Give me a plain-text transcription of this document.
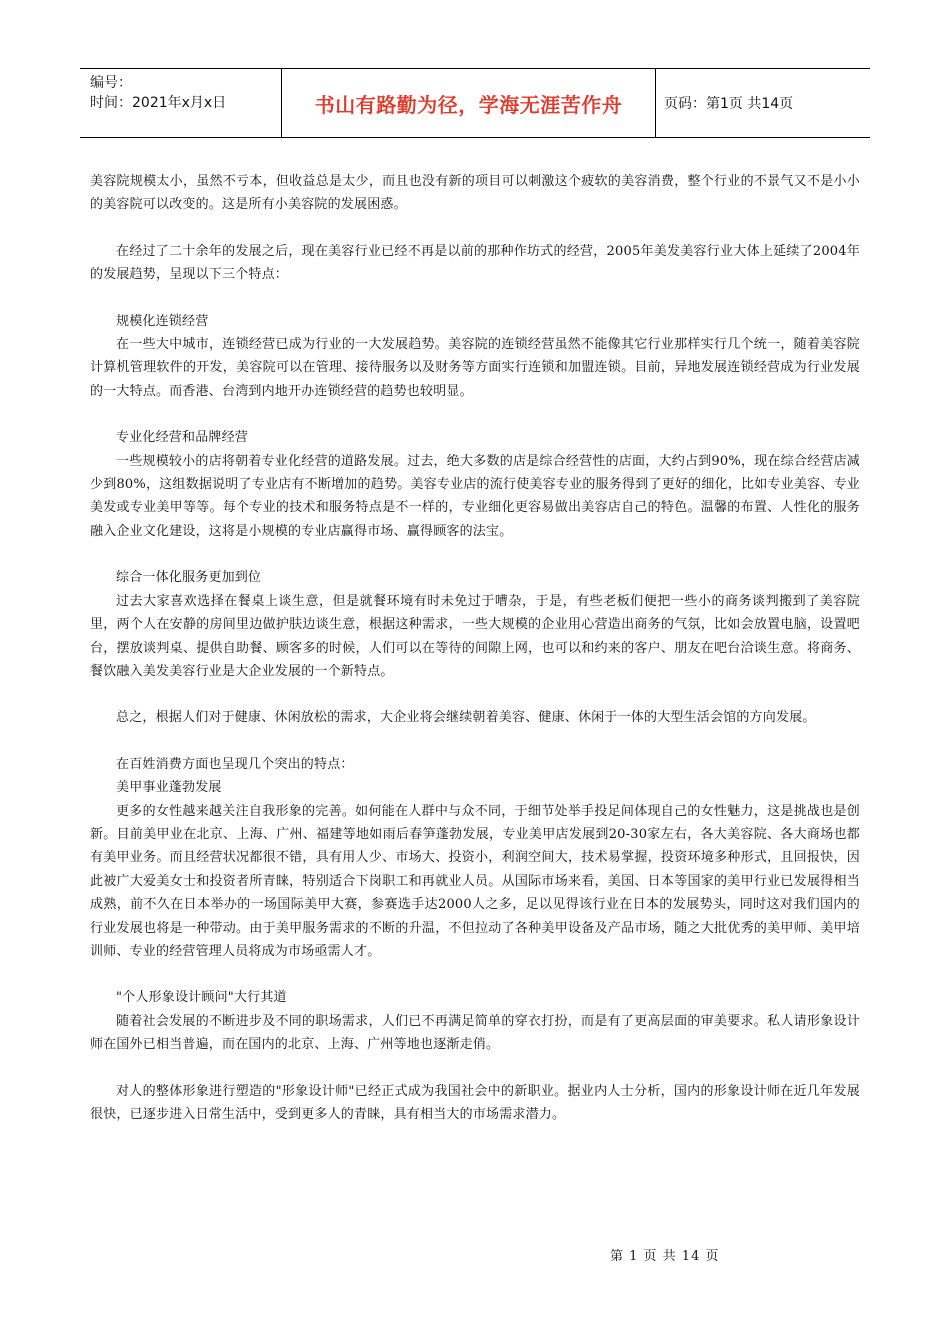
编号：
时间：2021年x月x日	书山有路勤为径，学海无涯苦作舟	页码：第1页 共14页

美容院规模太小，虽然不亏本，但收益总是太少，而且也没有新的项目可以刺激这个疲软的美容消费，整个行业的不景气又不是小小的美容院可以改变的。这是所有小美容院的发展困惑。

在经过了二十余年的发展之后，现在美容行业已经不再是以前的那种作坊式的经营，2005年美发美容行业大体上延续了2004年的发展趋势，呈现以下三个特点：

规模化连锁经营

在一些大中城市，连锁经营已成为行业的一大发展趋势。美容院的连锁经营虽然不能像其它行业那样实行几个统一，随着美容院计算机管理软件的开发，美容院可以在管理、接待服务以及财务等方面实行连锁和加盟连锁。目前，异地发展连锁经营成为行业发展的一大特点。而香港、台湾到内地开办连锁经营的趋势也较明显。

专业化经营和品牌经营

一些规模较小的店将朝着专业化经营的道路发展。过去，绝大多数的店是综合经营性的店面，大约占到90%，现在综合经营店减少到80%，这组数据说明了专业店有不断增加的趋势。美容专业店的流行使美容专业的服务得到了更好的细化，比如专业美容、专业美发或专业美甲等等。每个专业的技术和服务特点是不一样的，专业细化更容易做出美容店自己的特色。温馨的布置、人性化的服务融入企业文化建设，这将是小规模的专业店赢得市场、赢得顾客的法宝。

综合一体化服务更加到位

过去大家喜欢选择在餐桌上谈生意，但是就餐环境有时未免过于嘈杂，于是，有些老板们便把一些小的商务谈判搬到了美容院里，两个人在安静的房间里边做护肤边谈生意，根据这种需求，一些大规模的企业用心营造出商务的气氛，比如会放置电脑，设置吧台，摆放谈判桌、提供自助餐、顾客多的时候，人们可以在等待的间隙上网，也可以和约来的客户、朋友在吧台洽谈生意。将商务、餐饮融入美发美容行业是大企业发展的一个新特点。

总之，根据人们对于健康、休闲放松的需求，大企业将会继续朝着美容、健康、休闲于一体的大型生活会馆的方向发展。

在百姓消费方面也呈现几个突出的特点：

美甲事业蓬勃发展

更多的女性越来越关注自我形象的完善。如何能在人群中与众不同，于细节处举手投足间体现自己的女性魅力，这是挑战也是创新。目前美甲业在北京、上海、广州、福建等地如雨后春笋蓬勃发展，专业美甲店发展到20-30家左右，各大美容院、各大商场也都有美甲业务。而且经营状况都很不错，具有用人少、市场大、投资小，利润空间大，技术易掌握，投资环境多种形式，且回报快，因此被广大爱美女士和投资者所青睐，特别适合下岗职工和再就业人员。从国际市场来看，美国、日本等国家的美甲行业已发展得相当成熟，前不久在日本举办的一场国际美甲大赛，参赛选手达2000人之多，足以见得该行业在日本的发展势头，同时这对我们国内的行业发展也将是一种带动。由于美甲服务需求的不断的升温，不但拉动了各种美甲设备及产品市场，随之大批优秀的美甲师、美甲培训师、专业的经营管理人员将成为市场亟需人才。

"个人形象设计顾问"大行其道

随着社会发展的不断进步及不同的职场需求，人们已不再满足简单的穿衣打扮，而是有了更高层面的审美要求。私人请形象设计师在国外已相当普遍，而在国内的北京、上海、广州等地也逐渐走俏。

对人的整体形象进行塑造的"形象设计师"已经正式成为我国社会中的新职业。据业内人士分析，国内的形象设计师在近几年发展很快，已逐步进入日常生活中，受到更多人的青睐，具有相当大的市场需求潜力。

第 1 页 共 14 页
